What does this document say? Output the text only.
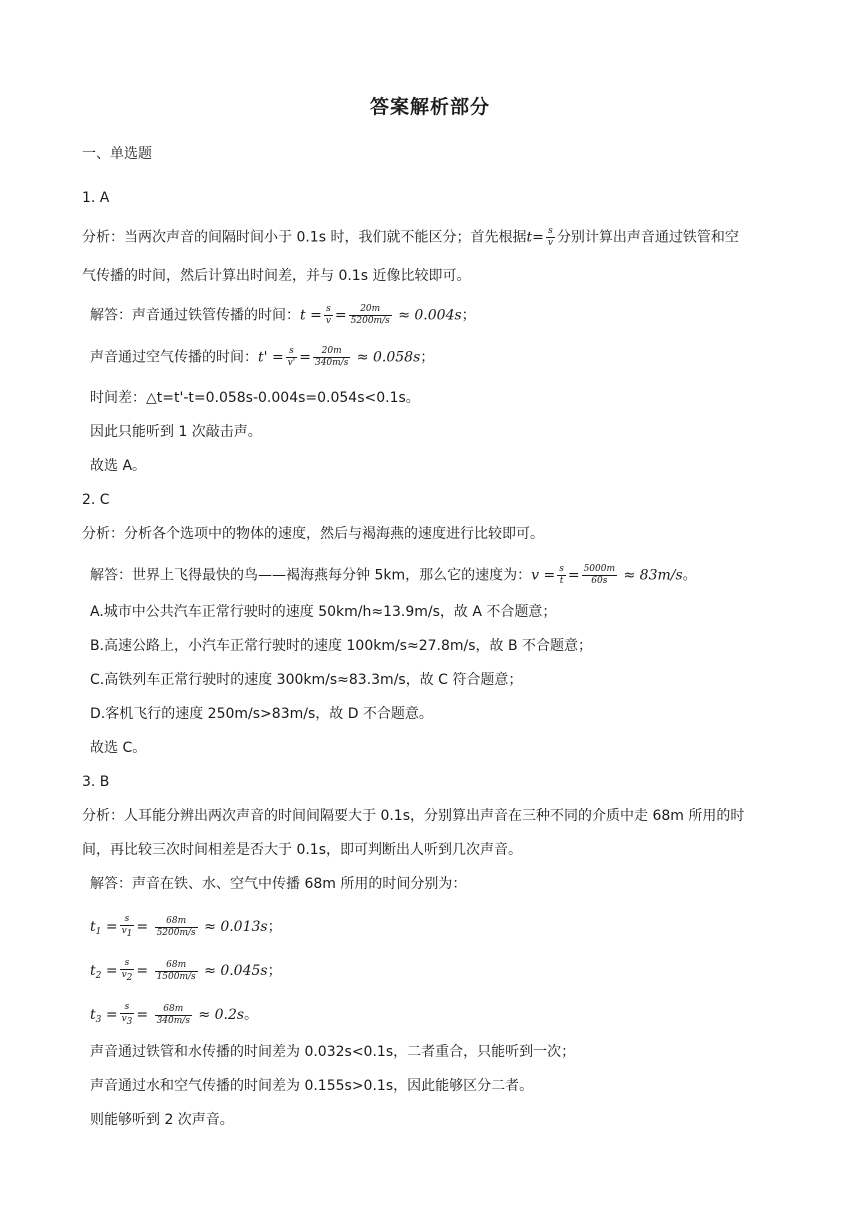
答案解析部分
一、单选题
1. A
分析：当两次声音的间隔时间小于 0.1s 时，我们就不能区分；首先根据$t= \frac{s}{v}$ 分别计算出声音通过铁管和空
气传播的时间，然后计算出时间差，并与 0.1s 近像比较即可。
解答：声音通过铁管传播的时间：$t = \frac{s}{v} = \frac{20m}{5200m/s} \approx 0.004s$；
声音通过空气传播的时间：$t' = \frac{s}{v'} = \frac{20m}{340m/s} \approx 0.058s$；
时间差：△t=t'-t=0.058s-0.004s=0.054s<0.1s。
因此只能听到 1 次敲击声。
故选 A。
2. C
分析：分析各个选项中的物体的速度，然后与褐海燕的速度进行比较即可。
解答：世界上飞得最快的鸟——褐海燕每分钟 5km，那么它的速度为：$v = \frac{s}{t} = \frac{5000m}{60s} \approx 83m/s$。
A.城市中公共汽车正常行驶时的速度 50km/h≈13.9m/s，故 A 不合题意；
B.高速公路上，小汽车正常行驶时的速度 100km/s≈27.8m/s，故 B 不合题意；
C.高铁列车正常行驶时的速度 300km/s≈83.3m/s，故 C 符合题意；
D.客机飞行的速度 250m/s>83m/s，故 D 不合题意。
故选 C。
3. B
分析：人耳能分辨出两次声音的时间间隔要大于 0.1s，分别算出声音在三种不同的介质中走 68m 所用的时
间，再比较三次时间相差是否大于 0.1s，即可判断出人听到几次声音。
解答：声音在铁、水、空气中传播 68m 所用的时间分别为：
$t_1 = \frac{s}{v1} = \frac{68m}{5200m/s} \approx 0.013s$；
$t_2 = \frac{s}{v2} = \frac{68m}{1500m/s} \approx 0.045s$；
$t_3 = \frac{s}{v3} = \frac{68m}{340m/s} \approx 0.2s$。
声音通过铁管和水传播的时间差为 0.032s<0.1s，二者重合，只能听到一次；
声音通过水和空气传播的时间差为 0.155s>0.1s，因此能够区分二者。
则能够听到 2 次声音。
